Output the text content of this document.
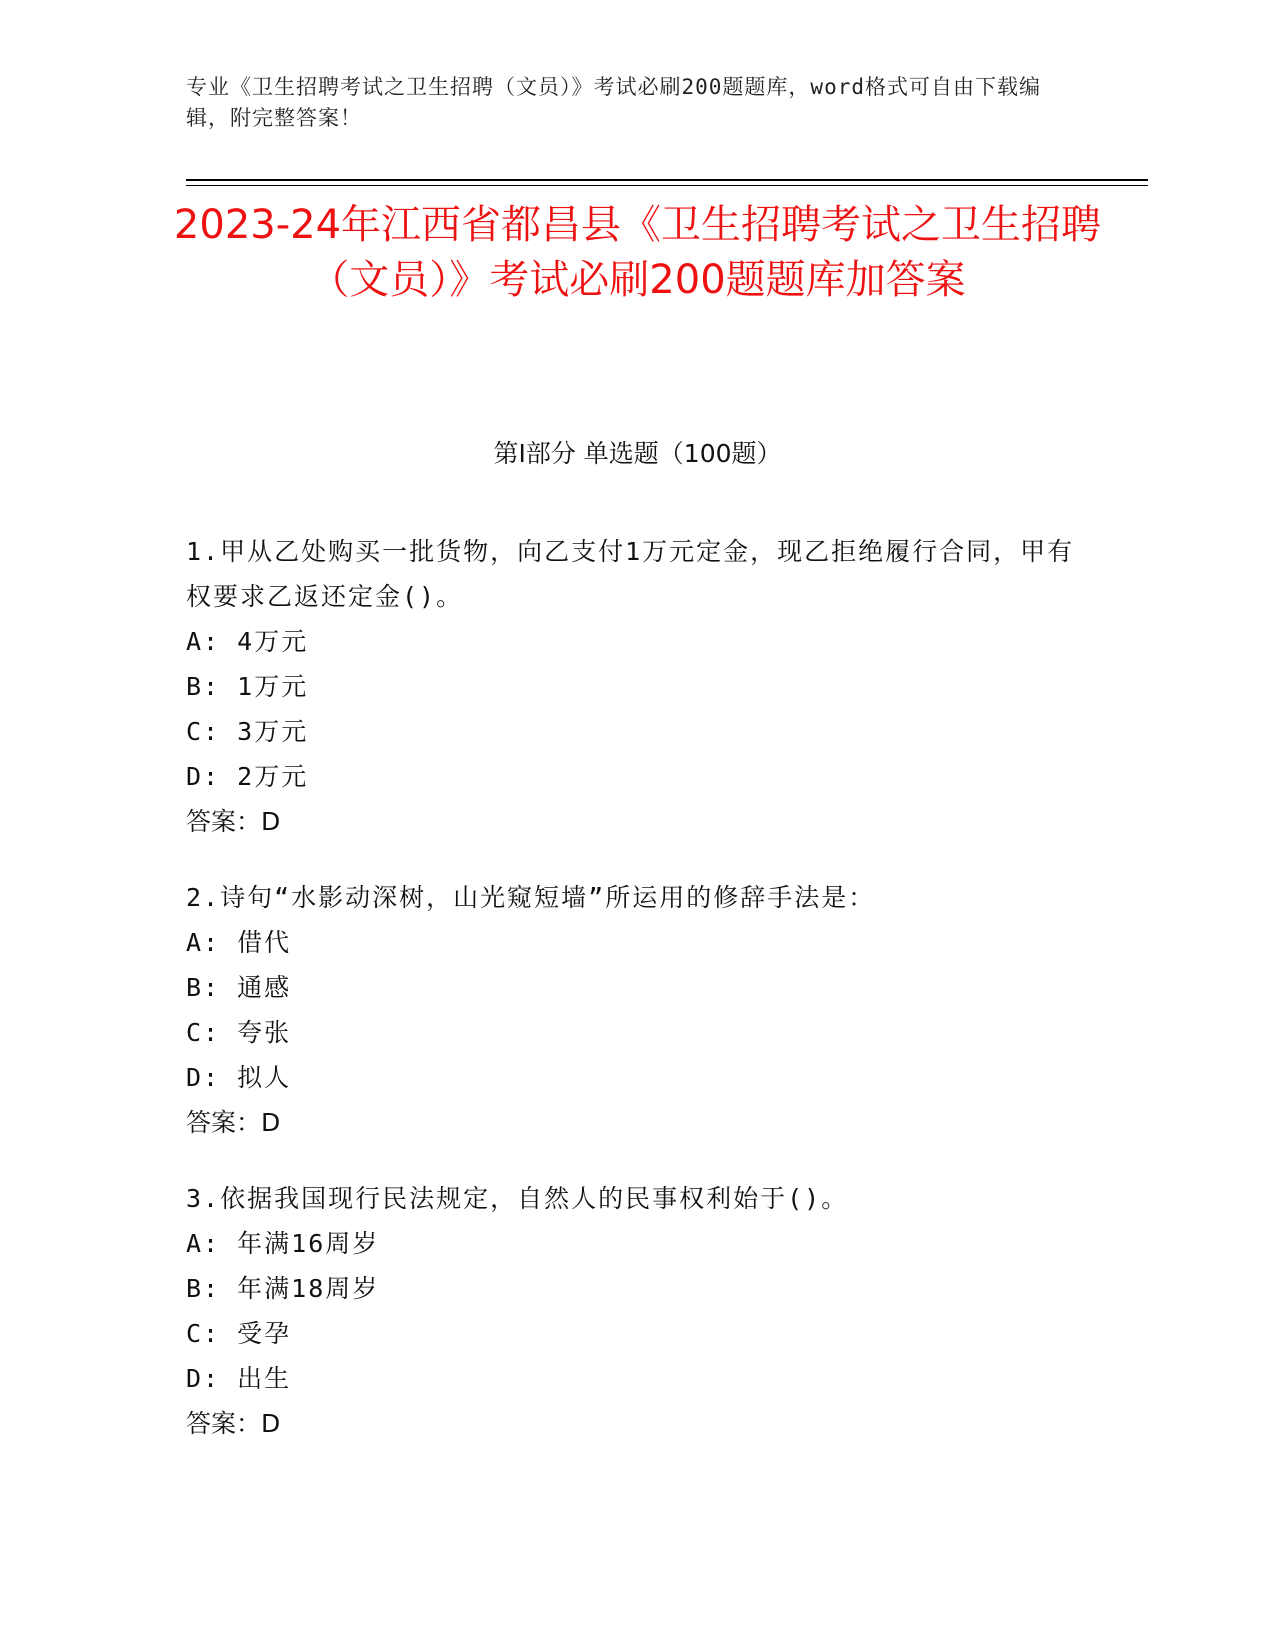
专业《卫生招聘考试之卫生招聘（文员）》考试必刷200题题库，word格式可自由下载编辑，附完整答案！
2023-24年江西省都昌县《卫生招聘考试之卫生招聘（文员）》考试必刷200题题库加答案
第I部分 单选题（100题）
1.甲从乙处购买一批货物，向乙支付1万元定金，现乙拒绝履行合同，甲有权要求乙返还定金()。
A: 4万元
B: 1万元
C: 3万元
D: 2万元
答案：D
2.诗句“水影动深树，山光窥短墙”所运用的修辞手法是：
A: 借代
B: 通感
C: 夸张
D: 拟人
答案：D
3.依据我国现行民法规定，自然人的民事权利始于()。
A: 年满16周岁
B: 年满18周岁
C: 受孕
D: 出生
答案：D
